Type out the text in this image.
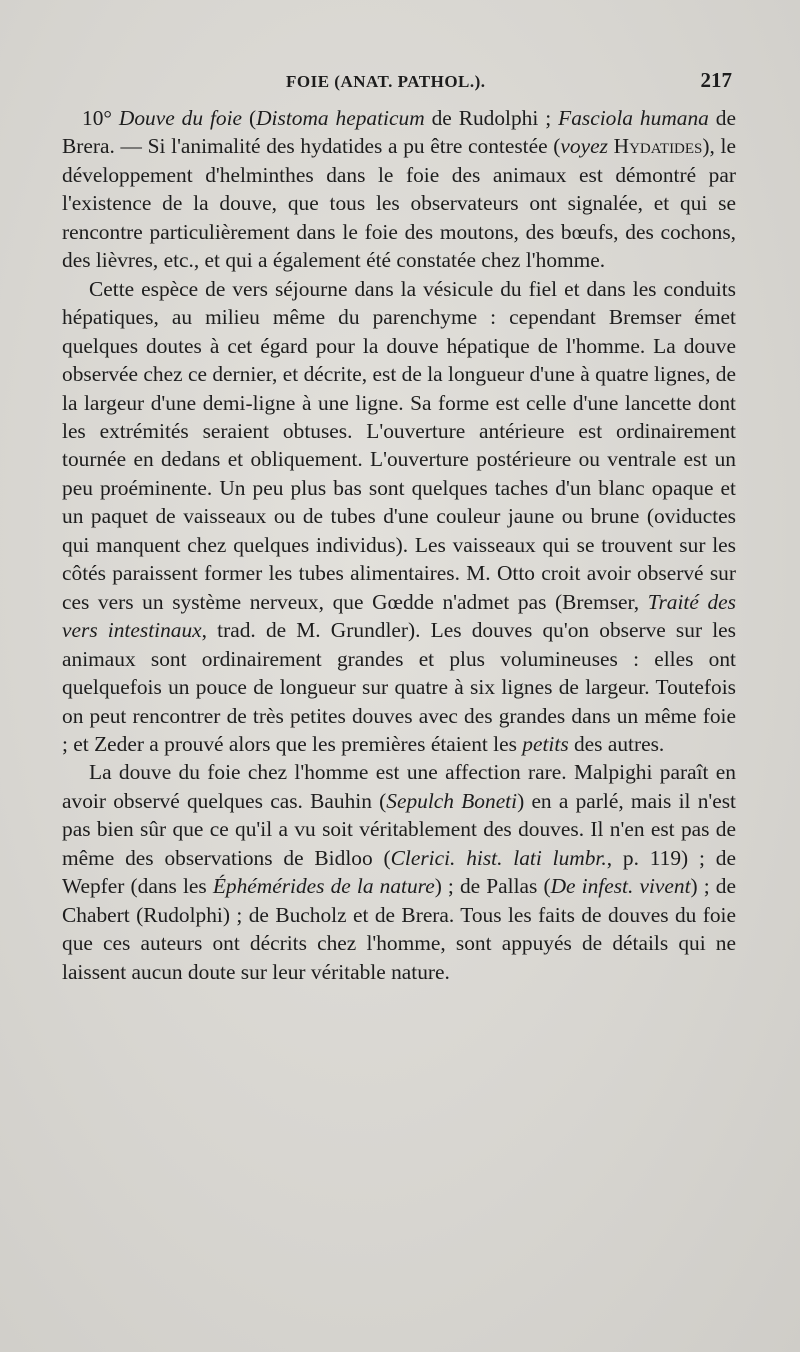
FOIE (ANAT. PATHOL.).	217

10° Douve du foie (Distoma hepaticum de Rudolphi ; Fasciola humana de Brera. — Si l'animalité des hydatides a pu être contestée (voyez Hydatides), le développement d'helminthes dans le foie des animaux est démontré par l'existence de la douve, que tous les observateurs ont signalée, et qui se rencontre particulièrement dans le foie des moutons, des bœufs, des cochons, des lièvres, etc., et qui a également été constatée chez l'homme.

Cette espèce de vers séjourne dans la vésicule du fiel et dans les conduits hépatiques, au milieu même du parenchyme : cependant Bremser émet quelques doutes à cet égard pour la douve hépatique de l'homme. La douve observée chez ce dernier, et décrite, est de la longueur d'une à quatre lignes, de la largeur d'une demi-ligne à une ligne. Sa forme est celle d'une lancette dont les extrémités seraient obtuses. L'ouverture antérieure est ordinairement tournée en dedans et obliquement. L'ouverture postérieure ou ventrale est un peu proéminente. Un peu plus bas sont quelques taches d'un blanc opaque et un paquet de vaisseaux ou de tubes d'une couleur jaune ou brune (oviductes qui manquent chez quelques individus). Les vaisseaux qui se trouvent sur les côtés paraissent former les tubes alimentaires. M. Otto croit avoir observé sur ces vers un système nerveux, que Gœdde n'admet pas (Bremser, Traité des vers intestinaux, trad. de M. Grundler). Les douves qu'on observe sur les animaux sont ordinairement grandes et plus volumineuses : elles ont quelquefois un pouce de longueur sur quatre à six lignes de largeur. Toutefois on peut rencontrer de très petites douves avec des grandes dans un même foie ; et Zeder a prouvé alors que les premières étaient les petits des autres.

La douve du foie chez l'homme est une affection rare. Malpighi paraît en avoir observé quelques cas. Bauhin (Sepulch Boneti) en a parlé, mais il n'est pas bien sûr que ce qu'il a vu soit véritablement des douves. Il n'en est pas de même des observations de Bidloo (Clerici. hist. lati lumbr., p. 119) ; de Wepfer (dans les Éphémérides de la nature) ; de Pallas (De infest. vivent) ; de Chabert (Rudolphi) ; de Bucholz et de Brera. Tous les faits de douves du foie que ces auteurs ont décrits chez l'homme, sont appuyés de détails qui ne laissent aucun doute sur leur véritable nature.
